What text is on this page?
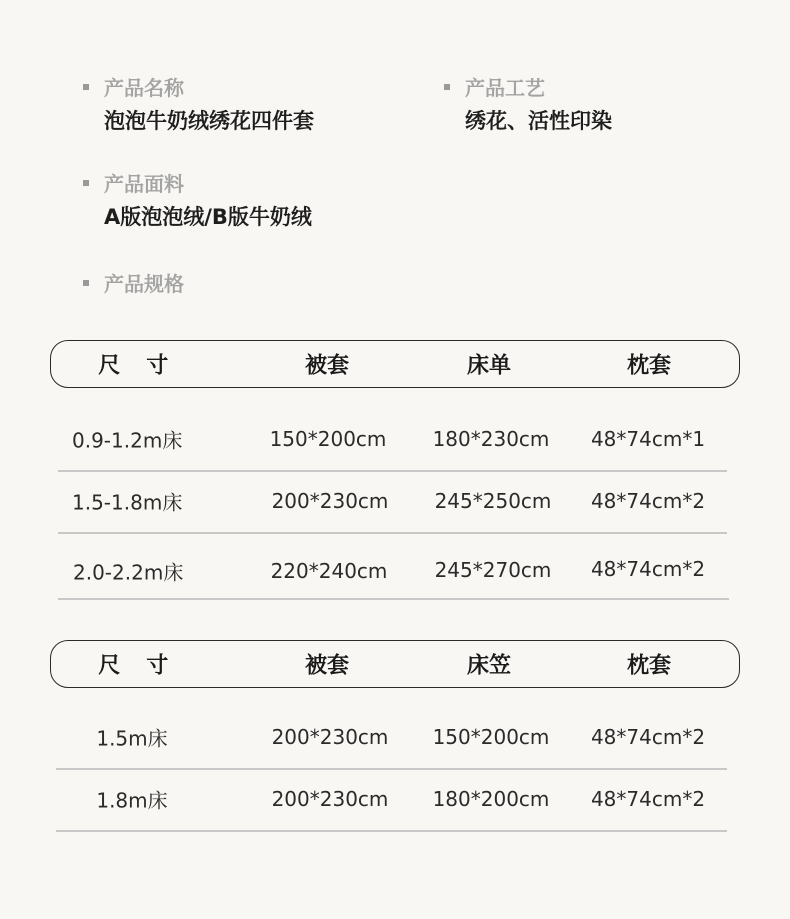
产品名称
泡泡牛奶绒绣花四件套
产品工艺
绣花、活性印染
产品面料
A版泡泡绒/B版牛奶绒
产品规格
尺寸	被套	床单	枕套
0.9-1.2m床	150*200cm 180*230cm 48*74cm*1
1.5-1.8m床	200*230cm 245*250cm 48*74cm*2
2.0-2.2m床	220*240cm 245*270cm 48*74cm*2
尺寸	被套	床笠	枕套
1.5m床	200*230cm 150*200cm 48*74cm*2
1.8m床	200*230cm 180*200cm 48*74cm*2
